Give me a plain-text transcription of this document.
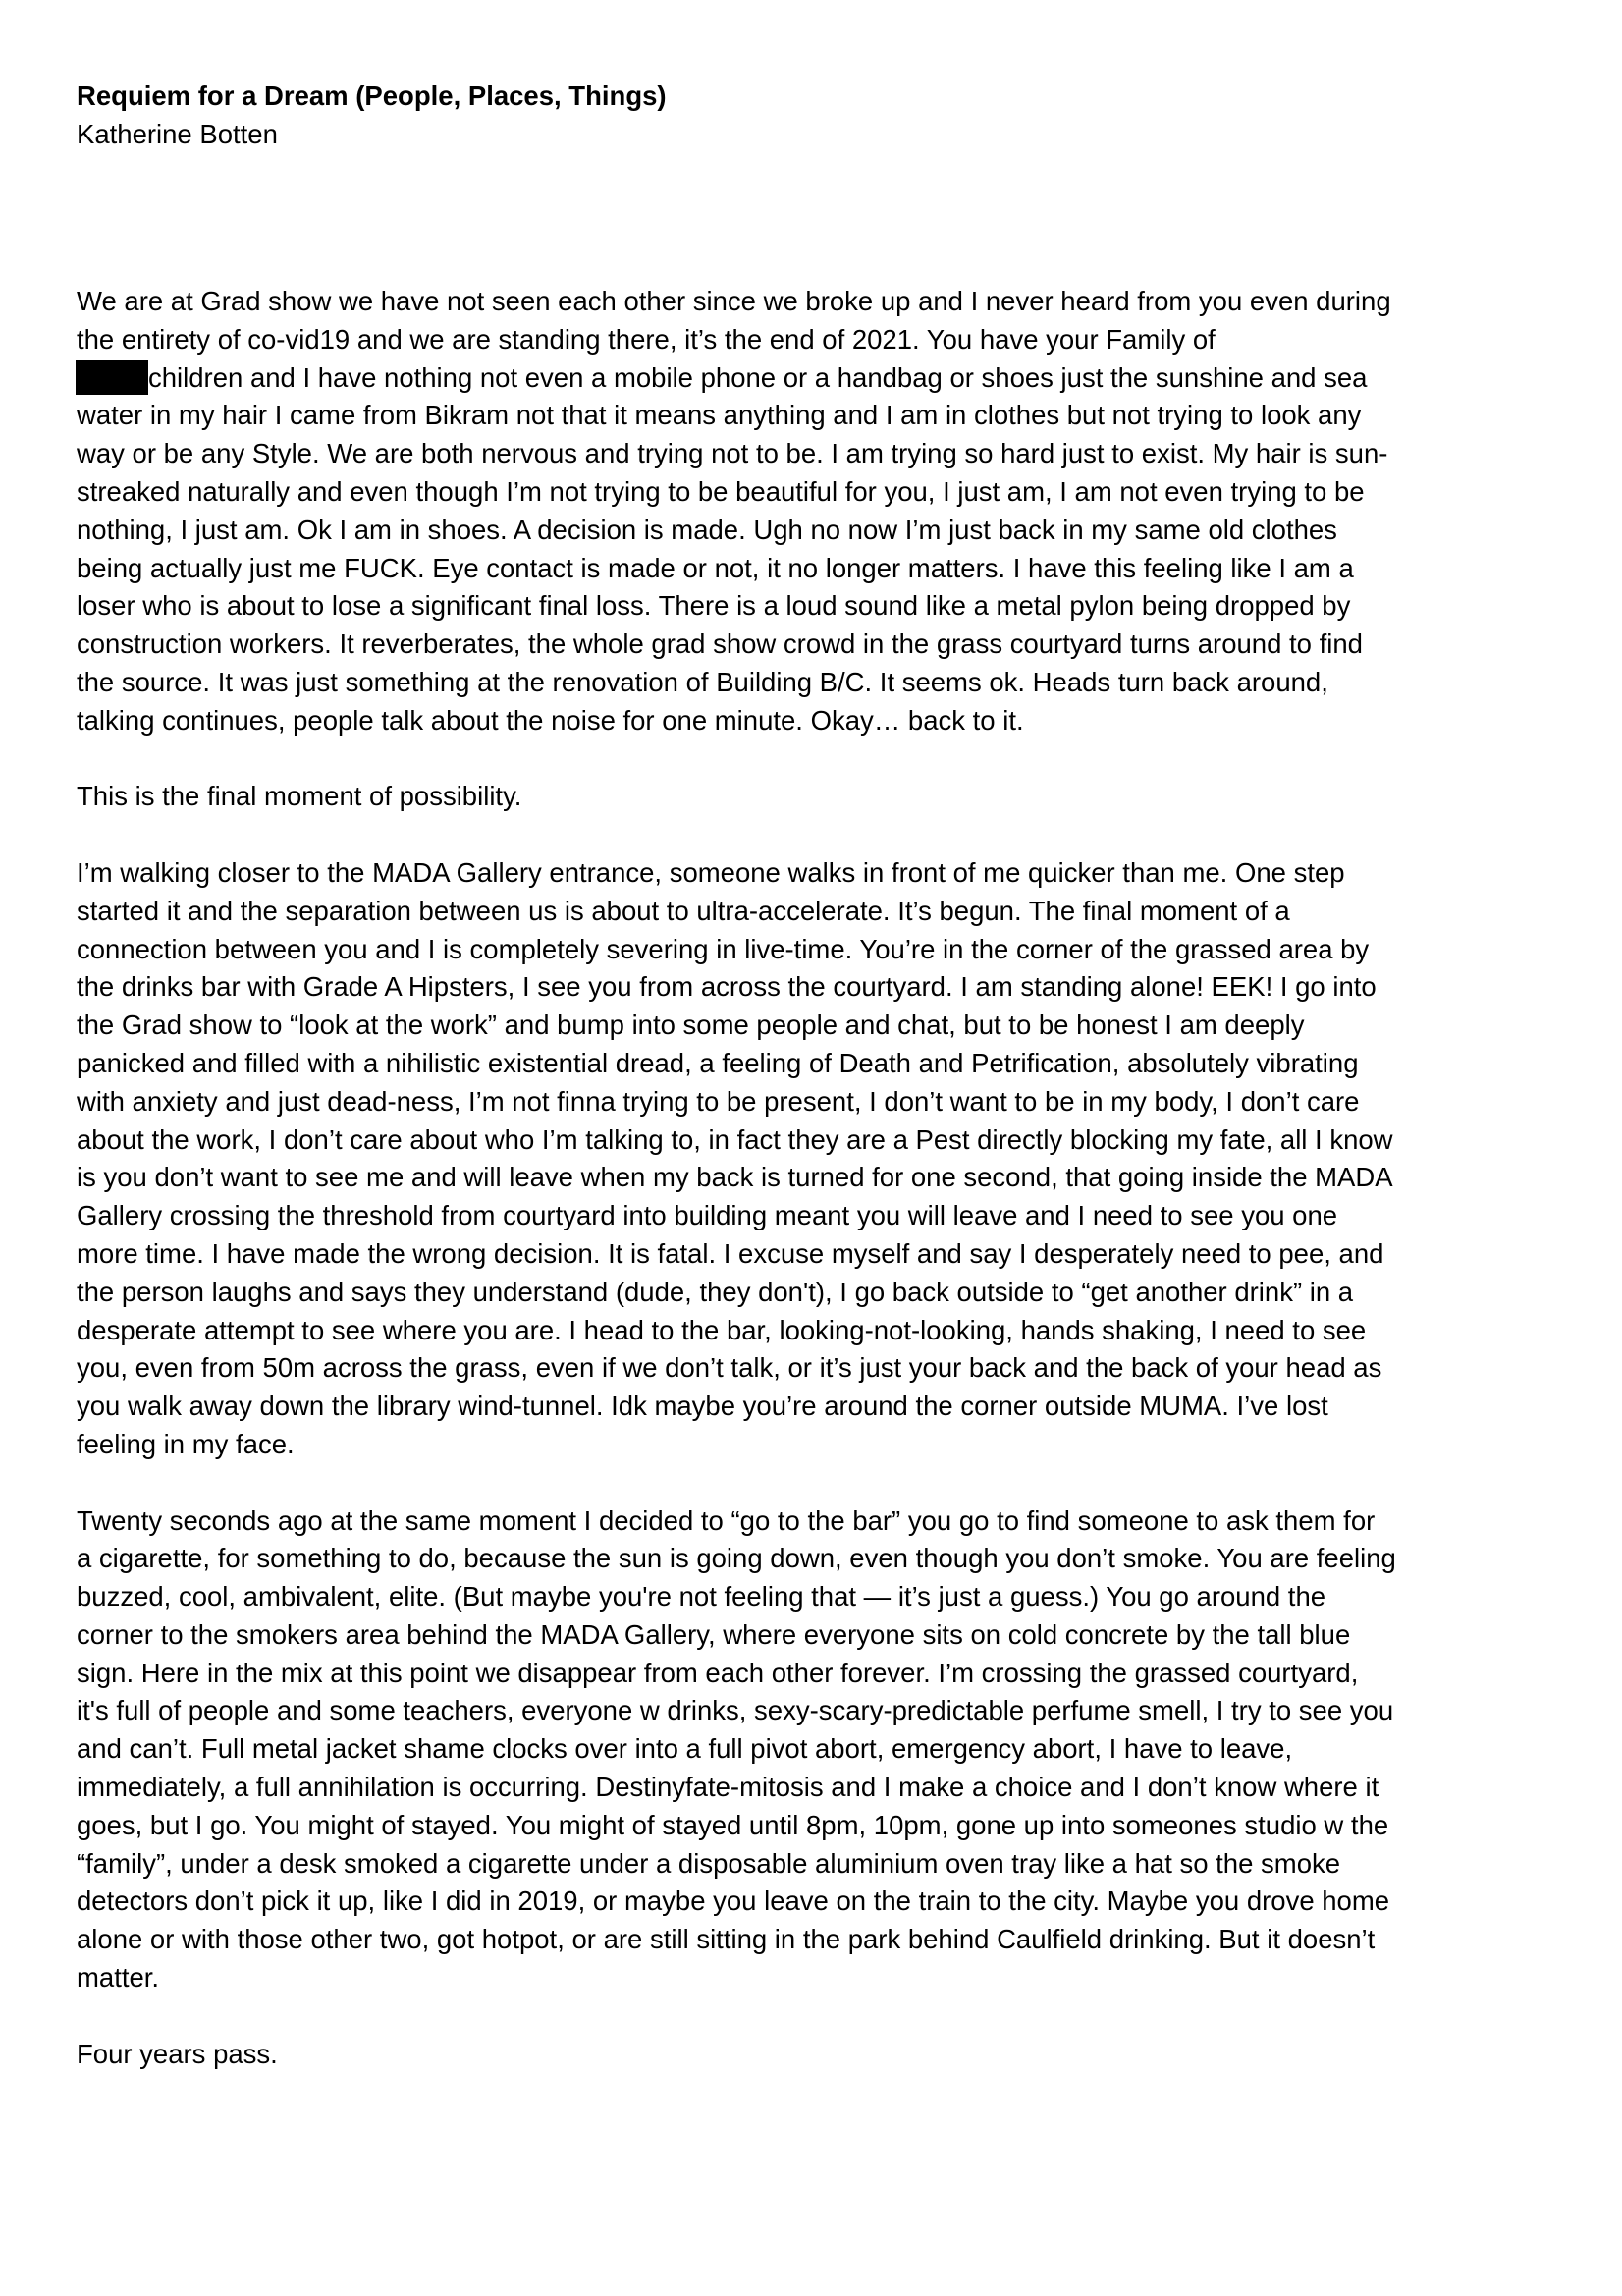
Requiem for a Dream (People, Places, Things)

Katherine Botten

We are at Grad show we have not seen each other since we broke up and I never heard from you even during the entirety of co-vid19 and we are standing there, it’s the end of 2021. You have your Family of
children and I have nothing not even a mobile phone or a handbag or shoes just the sunshine and sea water in my hair I came from Bikram not that it means anything and I am in clothes but not trying to look any way or be any Style. We are both nervous and trying not to be. I am trying so hard just to exist. My hair is sun-streaked naturally and even though I’m not trying to be beautiful for you, I just am, I am not even trying to be nothing, I just am. Ok I am in shoes. A decision is made. Ugh no now I’m just back in my same old clothes being actually just me FUCK. Eye contact is made or not, it no longer matters. I have this feeling like I am a loser who is about to lose a significant final loss. There is a loud sound like a metal pylon being dropped by construction workers. It reverberates, the whole grad show crowd in the grass courtyard turns around to find the source. It was just something at the renovation of Building B/C. It seems ok. Heads turn back around, talking continues, people talk about the noise for one minute. Okay… back to it.

This is the final moment of possibility.

I’m walking closer to the MADA Gallery entrance, someone walks in front of me quicker than me. One step started it and the separation between us is about to ultra-accelerate. It’s begun. The final moment of a connection between you and I is completely severing in live-time. You’re in the corner of the grassed area by the drinks bar with Grade A Hipsters, I see you from across the courtyard. I am standing alone! EEK! I go into the Grad show to “look at the work” and bump into some people and chat, but to be honest I am deeply panicked and filled with a nihilistic existential dread, a feeling of Death and Petrification, absolutely vibrating with anxiety and just dead-ness, I’m not finna trying to be present, I don’t want to be in my body, I don’t care about the work, I don’t care about who I’m talking to, in fact they are a Pest directly blocking my fate, all I know is you don’t want to see me and will leave when my back is turned for one second, that going inside the MADA Gallery crossing the threshold from courtyard into building meant you will leave and I need to see you one more time. I have made the wrong decision. It is fatal. I excuse myself and say I desperately need to pee, and the person laughs and says they understand (dude, they don't), I go back outside to “get another drink” in a desperate attempt to see where you are. I head to the bar, looking-not-looking, hands shaking, I need to see you, even from 50m across the grass, even if we don’t talk, or it’s just your back and the back of your head as you walk away down the library wind-tunnel. Idk maybe you’re around the corner outside MUMA. I’ve lost feeling in my face.

Twenty seconds ago at the same moment I decided to “go to the bar” you go to find someone to ask them for a cigarette, for something to do, because the sun is going down, even though you don’t smoke. You are feeling buzzed, cool, ambivalent, elite. (But maybe you're not feeling that — it’s just a guess.) You go around the corner to the smokers area behind the MADA Gallery, where everyone sits on cold concrete by the tall blue sign. Here in the mix at this point we disappear from each other forever. I’m crossing the grassed courtyard, it's full of people and some teachers, everyone w drinks, sexy-scary-predictable perfume smell, I try to see you and can’t. Full metal jacket shame clocks over into a full pivot abort, emergency abort, I have to leave, immediately, a full annihilation is occurring. Destinyfate-mitosis and I make a choice and I don’t know where it goes, but I go. You might of stayed. You might of stayed until 8pm, 10pm, gone up into someones studio w the “family”, under a desk smoked a cigarette under a disposable aluminium oven tray like a hat so the smoke detectors don’t pick it up, like I did in 2019, or maybe you leave on the train to the city. Maybe you drove home alone or with those other two, got hotpot, or are still sitting in the park behind Caulfield drinking. But it doesn’t matter.

Four years pass.
